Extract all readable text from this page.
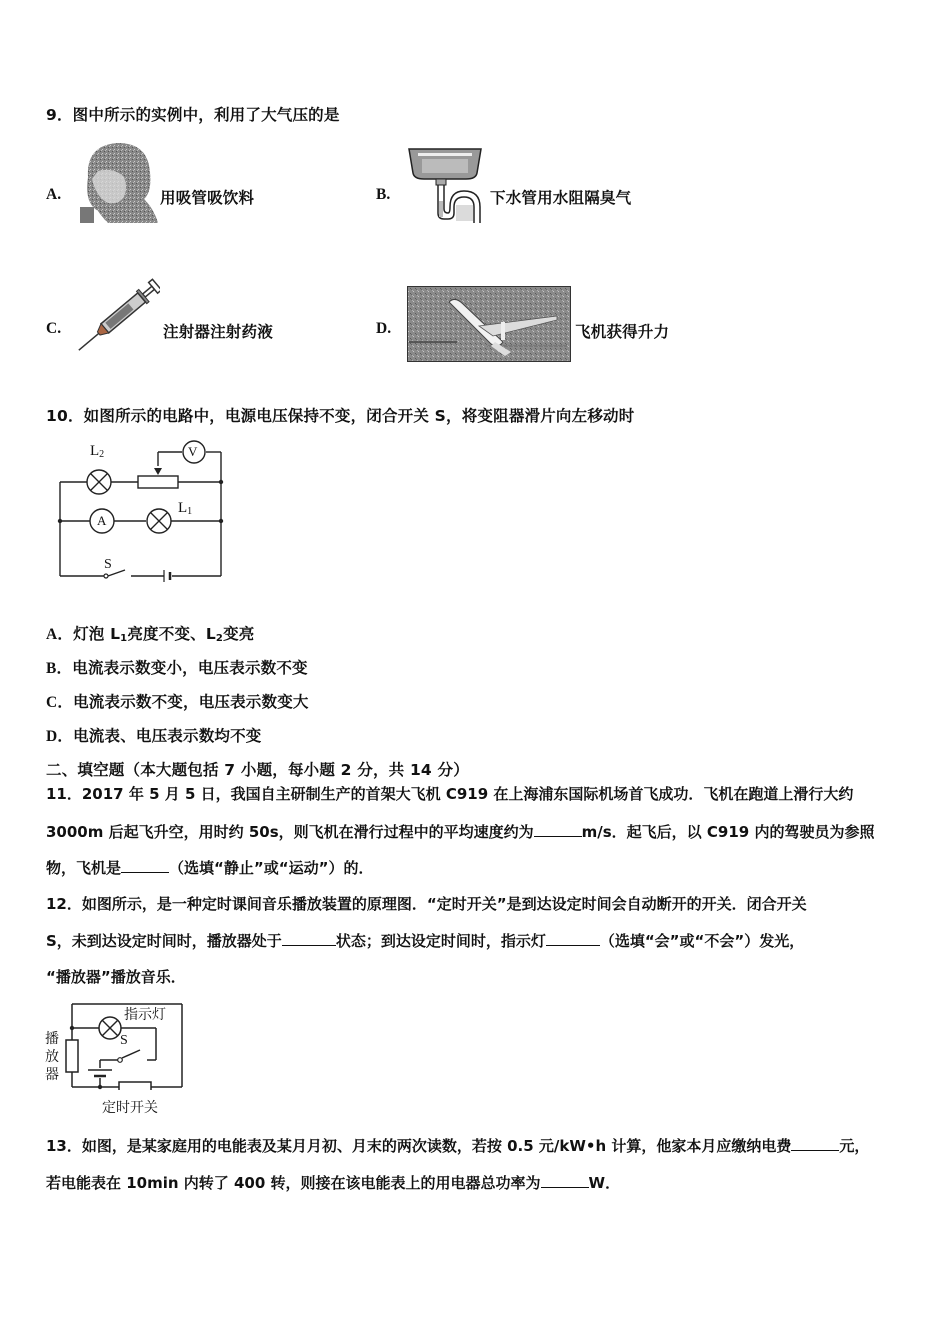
9．图中所示的实例中，利用了大气压的是
A.	用吸管吸饮料	B.	下水管用水阻隔臭气
C.	注射器注射药液	D.	飞机获得升力
10．如图所示的电路中，电源电压保持不变，闭合开关 S，将变阻器滑片向左移动时
$L_2$	V
A
$L_1$
S
A．灯泡 $L_1$亮度不变、$L_2$变亮
B．电流表示数变小，电压表示数不变
C．电流表示数不变，电压表示数变大
D．电流表、电压表示数均不变
二、填空题（本大题包括 7 小题，每小题 2 分，共 14 分）
11．2017 年 5 月 5 日，我国自主研制生产的首架大飞机 C919 在上海浦东国际机场首飞成功．飞机在跑道上滑行大约
3000m 后起飞升空，用时约 50s，则飞机在滑行过程中的平均速度约为	m/s．起飞后，以 C919 内的驾驶员为参照
物，飞机是	（选填“静止”或“运动”）的．
12．如图所示，是一种定时课间音乐播放装置的原理图．“定时开关”是到达设定时间会自动断开的开关．闭合开关
S，未到达设定时间时，播放器处于	状态；到达设定时间时，指示灯	（选填“会”或“不会”）发光，
“播放器”播放音乐．
指示灯
S
播
放
器
定时开关
13．如图，是某家庭用的电能表及某月月初、月末的两次读数，若按 0.5 元/kW•h 计算，他家本月应缴纳电费	元，
若电能表在 10min 内转了 400 转，则接在该电能表上的用电器总功率为	W．
